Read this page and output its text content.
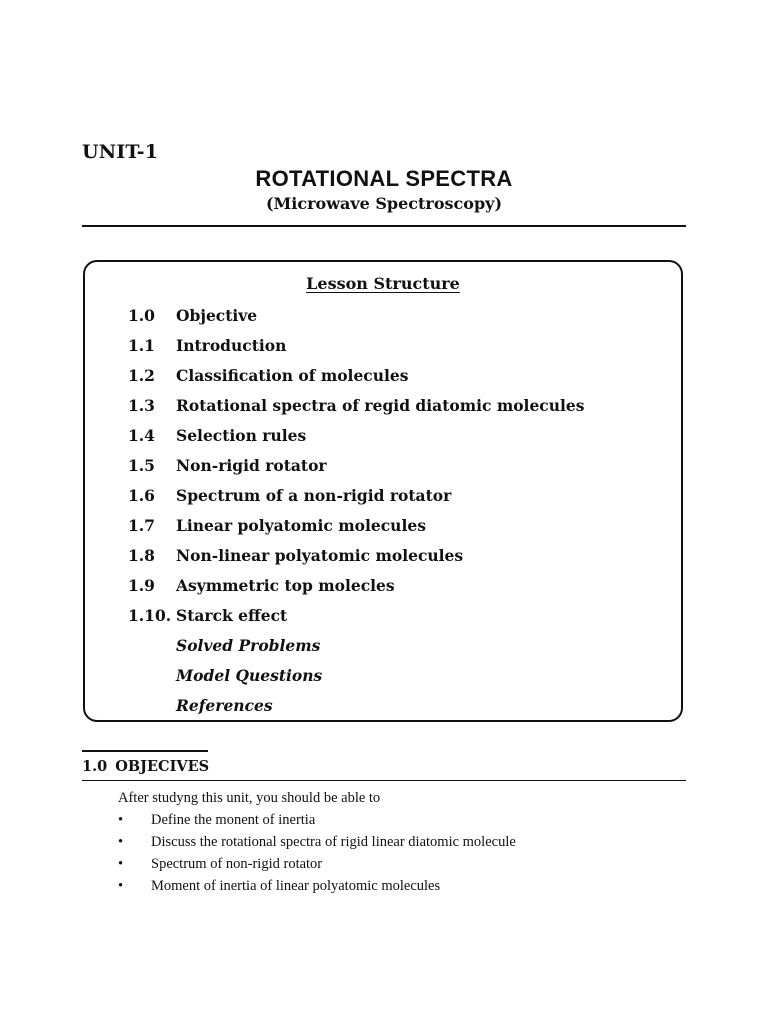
UNIT-1
ROTATIONAL SPECTRA
(Microwave Spectroscopy)
Lesson Structure
1.0 Objective
1.1 Introduction
1.2 Classification of molecules
1.3 Rotational spectra of regid diatomic molecules
1.4 Selection rules
1.5 Non-rigid rotator
1.6 Spectrum of a non-rigid rotator
1.7 Linear polyatomic molecules
1.8 Non-linear polyatomic molecules
1.9 Asymmetric top molecles
1.10. Starck effect
Solved Problems
Model Questions
References
1.0 OBJECIVES
After studyng this unit, you should be able to
• Define the monent of inertia
• Discuss the rotational spectra of rigid linear diatomic molecule
• Spectrum of non-rigid rotator
• Moment of inertia of linear polyatomic molecules
